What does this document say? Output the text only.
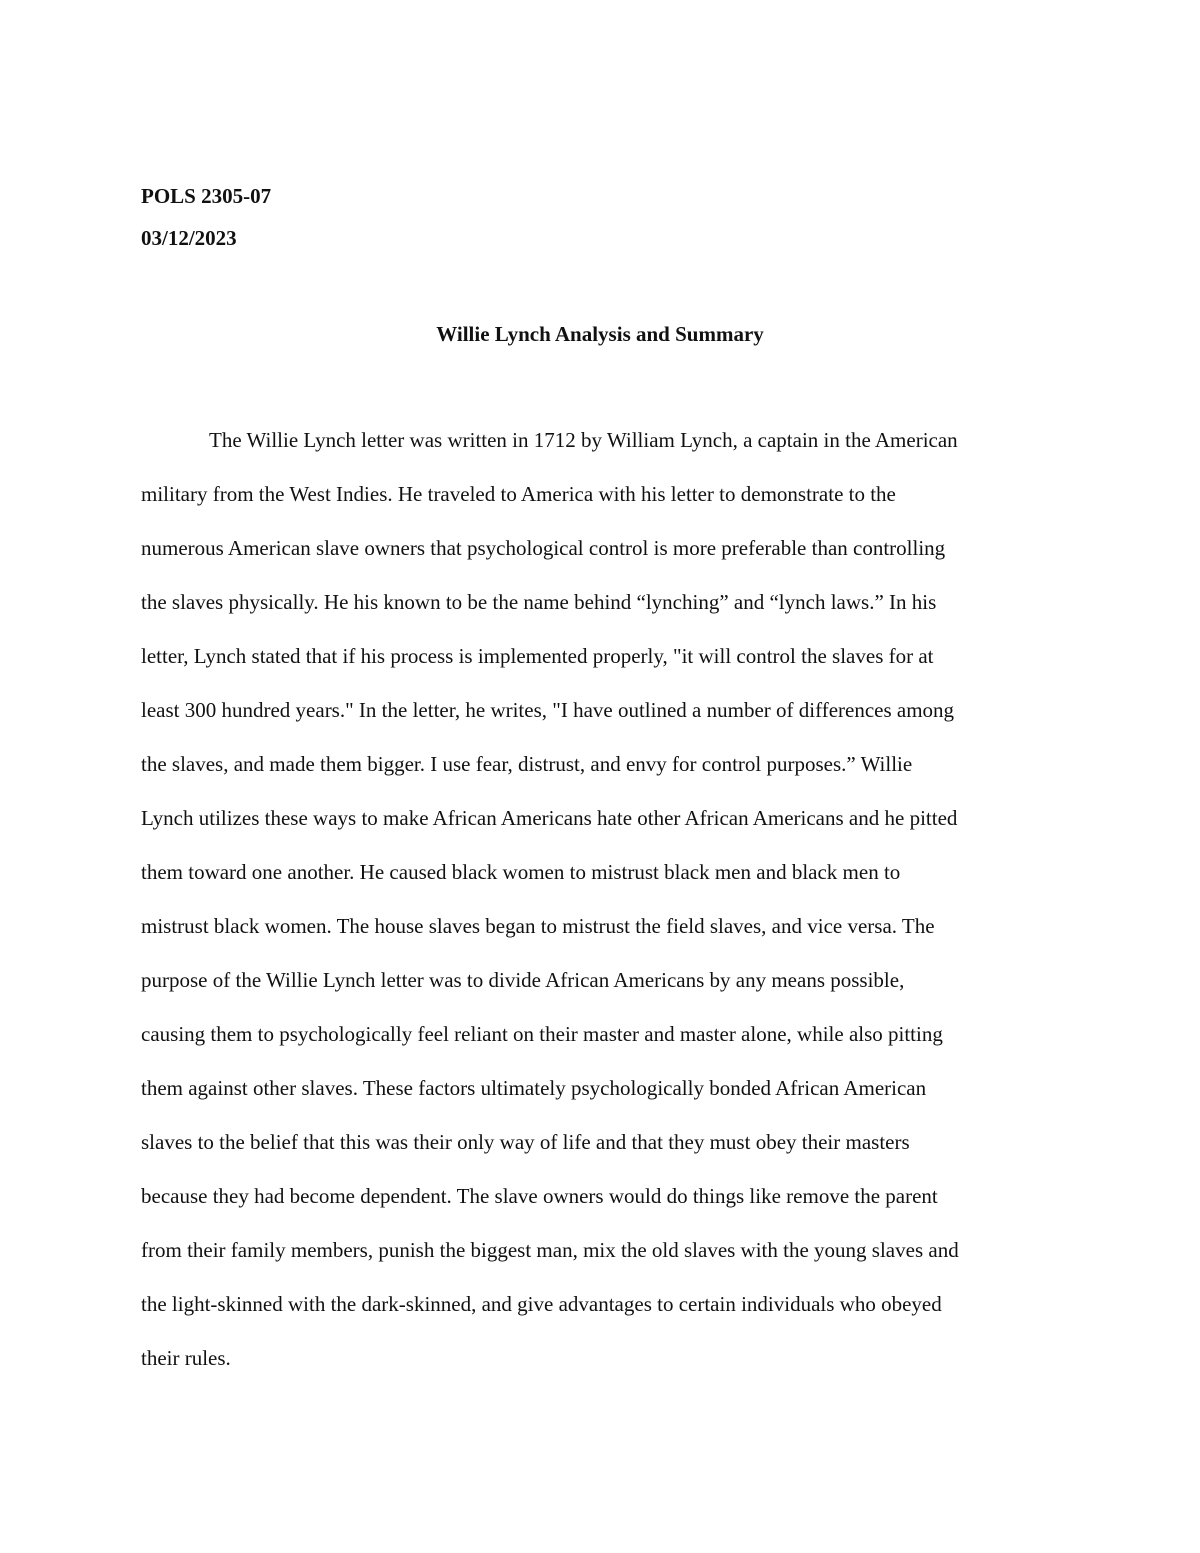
POLS 2305-07
03/12/2023
Willie Lynch Analysis and Summary
The Willie Lynch letter was written in 1712 by William Lynch, a captain in the American
military from the West Indies. He traveled to America with his letter to demonstrate to the
numerous American slave owners that psychological control is more preferable than controlling
the slaves physically. He his known to be the name behind “lynching” and “lynch laws.” In his
letter, Lynch stated that if his process is implemented properly, "it will control the slaves for at
least 300 hundred years." In the letter, he writes, "I have outlined a number of differences among
the slaves, and made them bigger. I use fear, distrust, and envy for control purposes.” Willie
Lynch utilizes these ways to make African Americans hate other African Americans and he pitted
them toward one another. He caused black women to mistrust black men and black men to
mistrust black women. The house slaves began to mistrust the field slaves, and vice versa. The
purpose of the Willie Lynch letter was to divide African Americans by any means possible,
causing them to psychologically feel reliant on their master and master alone, while also pitting
them against other slaves. These factors ultimately psychologically bonded African American
slaves to the belief that this was their only way of life and that they must obey their masters
because they had become dependent. The slave owners would do things like remove the parent
from their family members, punish the biggest man, mix the old slaves with the young slaves and
the light-skinned with the dark-skinned, and give advantages to certain individuals who obeyed
their rules.
